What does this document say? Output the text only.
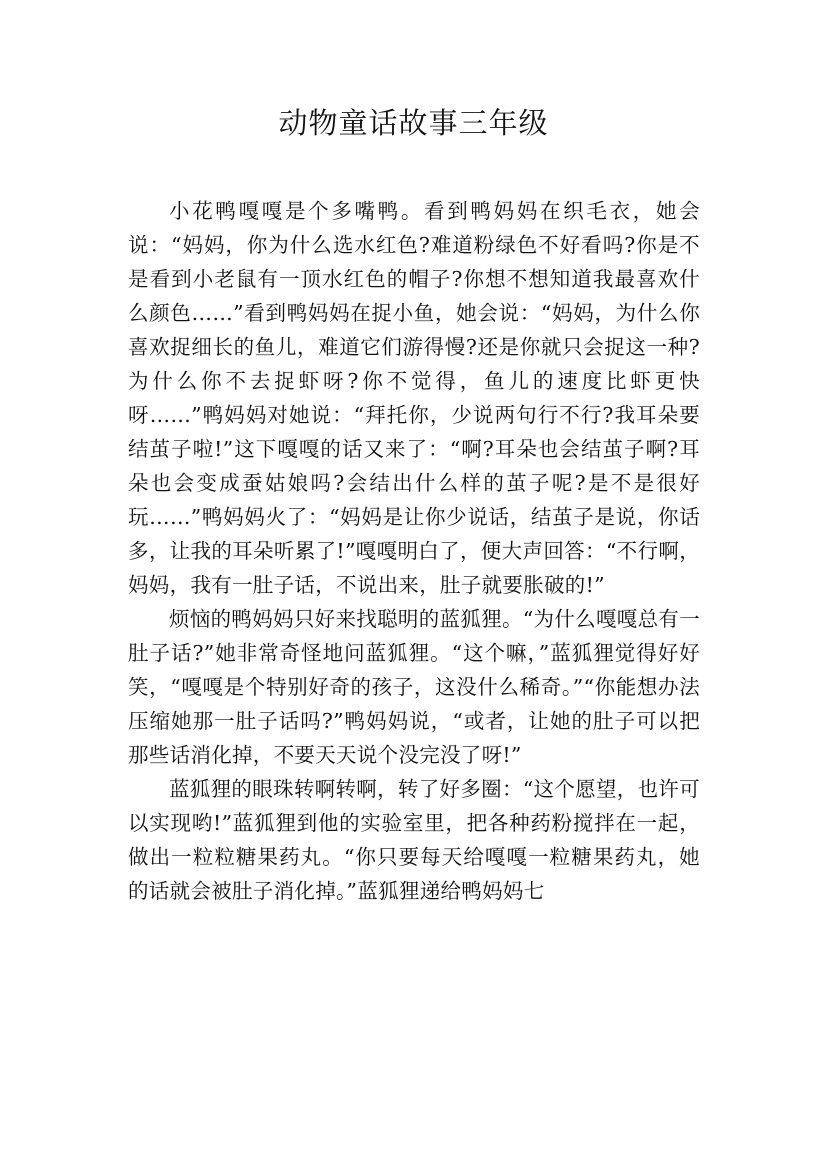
动物童话故事三年级

小花鸭嘎嘎是个多嘴鸭。看到鸭妈妈在织毛衣，她会说：“妈妈，你为什么选水红色?难道粉绿色不好看吗?你是不是看到小老鼠有一顶水红色的帽子?你想不想知道我最喜欢什么颜色……”看到鸭妈妈在捉小鱼，她会说：“妈妈，为什么你喜欢捉细长的鱼儿，难道它们游得慢?还是你就只会捉这一种?为什么你不去捉虾呀?你不觉得，鱼儿的速度比虾更快呀……”鸭妈妈对她说：“拜托你，少说两句行不行?我耳朵要结茧子啦!”这下嘎嘎的话又来了：“啊?耳朵也会结茧子啊?耳朵也会变成蚕姑娘吗?会结出什么样的茧子呢?是不是很好玩……”鸭妈妈火了：“妈妈是让你少说话，结茧子是说，你话多，让我的耳朵听累了!”嘎嘎明白了，便大声回答：“不行啊，妈妈，我有一肚子话，不说出来，肚子就要胀破的!”

烦恼的鸭妈妈只好来找聪明的蓝狐狸。“为什么嘎嘎总有一肚子话?”她非常奇怪地问蓝狐狸。“这个嘛，”蓝狐狸觉得好好笑，“嘎嘎是个特别好奇的孩子，这没什么稀奇。”“你能想办法压缩她那一肚子话吗?”鸭妈妈说，“或者，让她的肚子可以把那些话消化掉，不要天天说个没完没了呀!”

蓝狐狸的眼珠转啊转啊，转了好多圈：“这个愿望，也许可以实现哟!”蓝狐狸到他的实验室里，把各种药粉搅拌在一起，做出一粒粒糖果药丸。“你只要每天给嘎嘎一粒糖果药丸，她的话就会被肚子消化掉。”蓝狐狸递给鸭妈妈七
